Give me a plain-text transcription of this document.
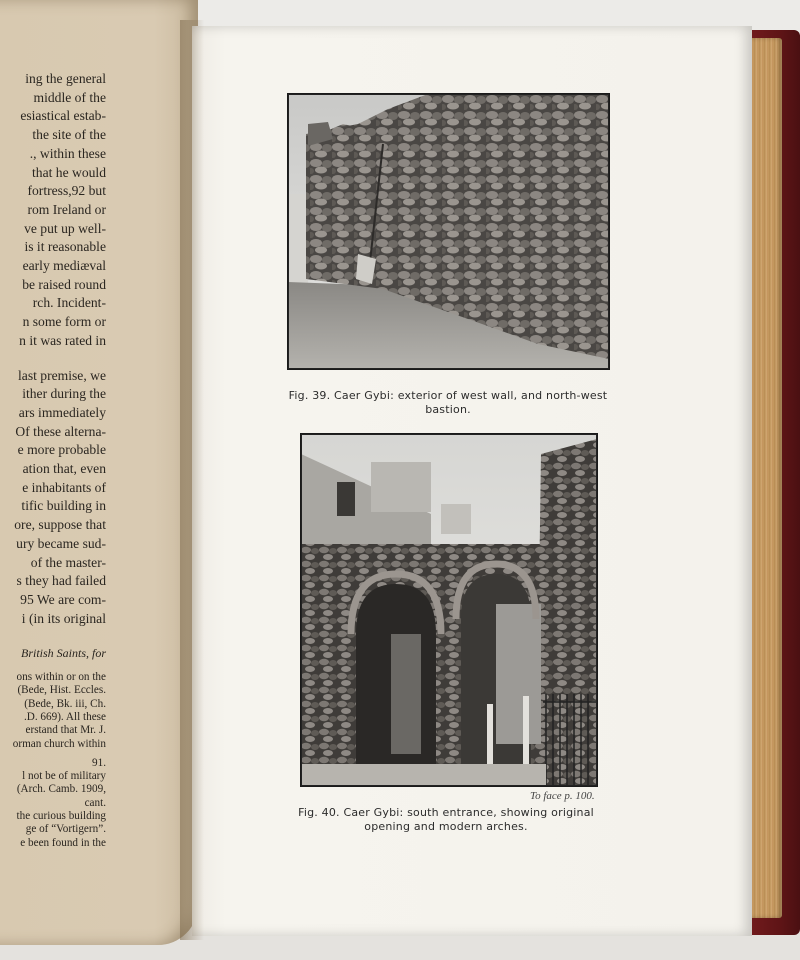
ing the general
middle of the
esiastical estab-
the site of the
., within these
that he would
fortress,92 but
rom Ireland or
ve put up well-
is it reasonable
early mediæval
be raised round
rch. Incident-
n some form or
n it was rated in
last premise, we
ither during the
ars immediately
Of these alterna-
e more probable
ation that, even
e inhabitants of
tific building in
ore, suppose that
ury became sud-
of the master-
s they had failed
95 We are com-
i (in its original
British Saints, for
ons within or on the
(Bede, Hist. Eccles.
(Bede, Bk. iii, Ch.
.D. 669). All these
erstand that Mr. J.
orman church within
91.
l not be of military
(Arch. Camb. 1909,
cant.
the curious building
ge of “Vortigern”.
e been found in the
Fig. 39. Caer Gybi: exterior of west wall, and north-west
bastion.
To face p. 100.
Fig. 40. Caer Gybi: south entrance, showing original
opening and modern arches.
